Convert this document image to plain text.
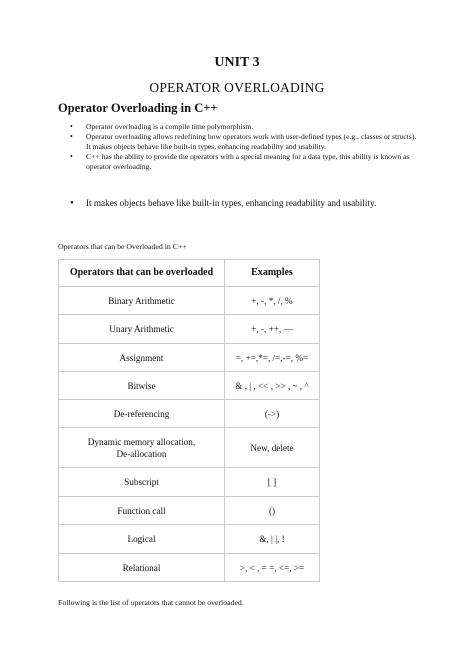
UNIT 3
OPERATOR OVERLOADING
Operator Overloading in C++
• Operator overloading is a compile time polymorphism.
• Operator overloading allows redefining how operators work with user-defined types (e.g., classes or structs). It makes objects behave like built-in types, enhancing readability and usability.
• C++ has the ability to provide the operators with a special meaning for a data type, this ability is known as operator overloading.
• It makes objects behave like built-in types, enhancing readability and usability.
Operators that can be Overloaded in C++
Operators that can be overloaded	Examples
Binary Arithmetic	+, -, *, /, %
Unary Arithmetic	+, -, ++, —
Assignment	=, +=,*=, /=,-=, %=
Bitwise	& , | , << , >> , ~ , ^
De-referencing	(->)
Dynamic memory allocation,
De-allocation	New, delete
Subscript	[ ]
Function call	()
Logical	&, | |, !
Relational	>, < , = =, <=, >=
Following is the list of operators that cannot be overloaded.
